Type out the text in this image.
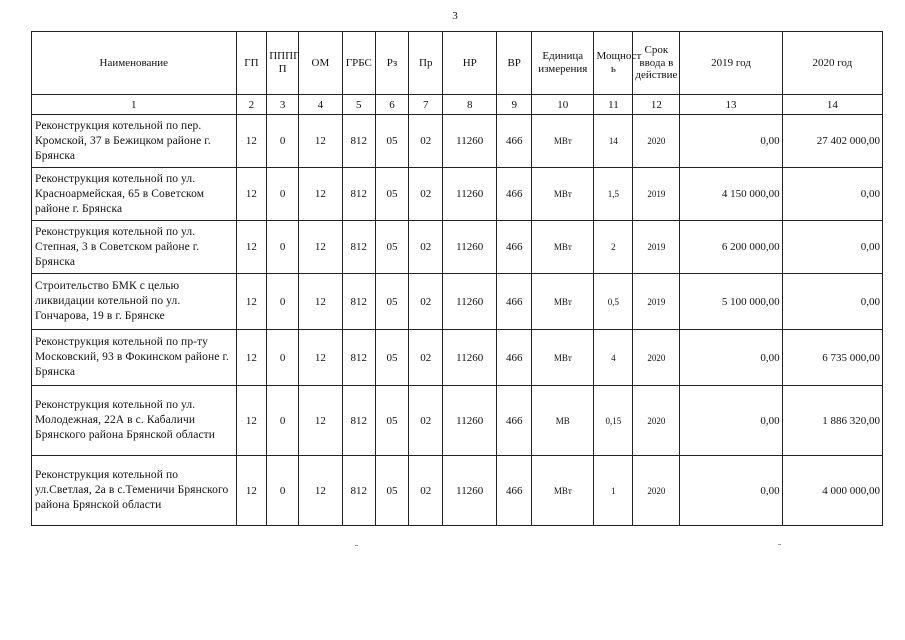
3
Наименование	ГП	ПППГ П	ОМ	ГРБС	Рз	Пр	НР	ВР	Единица измерения	Мощност ь	Срок ввода в действие	2019 год	2020 год
1	2	3	4	5	6	7	8	9	10	11	12	13	14
Реконструкция котельной по пер. Кромской, 37 в Бежицком районе г. Брянска	12	0	12	812	05	02	11260	466	МВт	14	2020	0,00	27 402 000,00
Реконструкция котельной по ул. Красноармейская, 65 в Советском районе г. Брянска	12	0	12	812	05	02	11260	466	МВт	1,5	2019	4 150 000,00	0,00
Реконструкция котельной по ул. Степная, 3 в Советском районе г. Брянска	12	0	12	812	05	02	11260	466	МВт	2	2019	6 200 000,00	0,00
Строительство БМК с целью ликвидации котельной по ул. Гончарова, 19 в г. Брянске	12	0	12	812	05	02	11260	466	МВт	0,5	2019	5 100 000,00	0,00
Реконструкция котельной по пр-ту Московский, 93 в Фокинском районе г. Брянска	12	0	12	812	05	02	11260	466	МВт	4	2020	0,00	6 735 000,00
Реконструкция котельной по ул. Молодежная, 22А в с. Кабаличи Брянского района Брянской области	12	0	12	812	05	02	11260	466	МВ	0,15	2020	0,00	1 886 320,00
Реконструкция котельной по ул.Светлая, 2а в с.Теменичи Брянского района Брянской области	12	0	12	812	05	02	11260	466	МВт	1	2020	0,00	4 000 000,00
